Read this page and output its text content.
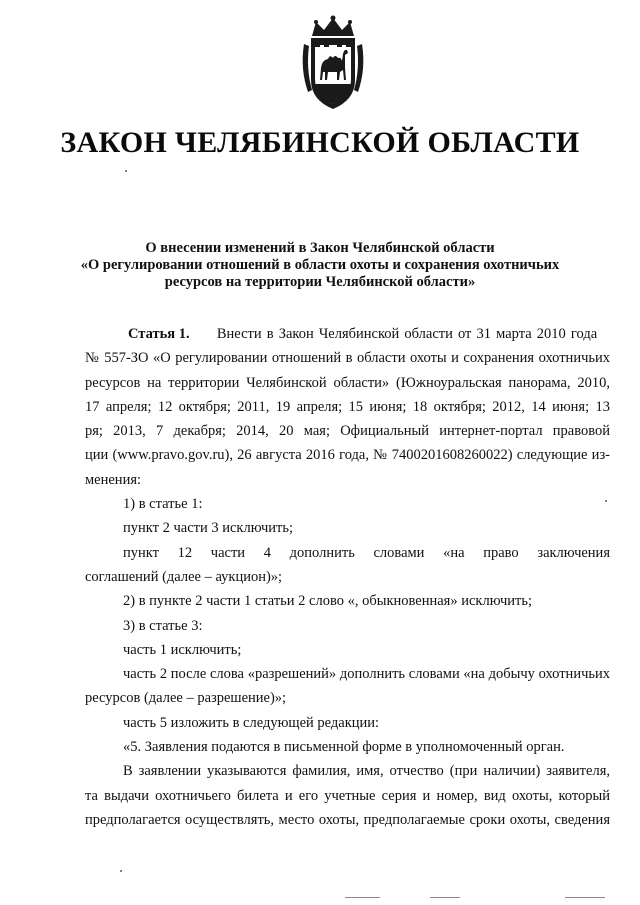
ЗАКОН ЧЕЛЯБИНСКОЙ ОБЛАСТИ
О внесении изменений в Закон Челябинской области
«О регулировании отношений в области охоты и сохранения охотничьих
ресурсов на территории Челябинской области»
Статья 1. Внести в Закон Челябинской области от 31 марта 2010 года
№ 557-ЗО «О регулировании отношений в области охоты и сохранения охотничьих
ресурсов на территории Челябинской области» (Южноуральская панорама, 2010,
17 апреля; 12 октября; 2011, 19 апреля; 15 июня; 18 октября; 2012, 14 июня; 13
ря; 2013, 7 декабря; 2014, 20 мая; Официальный интернет-портал правовой
ции (www.pravo.gov.ru), 26 августа 2016 года, № 7400201608260022) следующие из-
менения:
1) в статье 1:
пункт 2 части 3 исключить;
пункт 12 части 4 дополнить словами «на право заключения
соглашений (далее – аукцион)»;
2) в пункте 2 части 1 статьи 2 слово «, обыкновенная» исключить;
3) в статье 3:
часть 1 исключить;
часть 2 после слова «разрешений» дополнить словами «на добычу охотничьих
ресурсов (далее – разрешение)»;
часть 5 изложить в следующей редакции:
«5. Заявления подаются в письменной форме в уполномоченный орган.
В заявлении указываются фамилия, имя, отчество (при наличии) заявителя,
та выдачи охотничьего билета и его учетные серия и номер, вид охоты, который
предполагается осуществлять, место охоты, предполагаемые сроки охоты, сведения
